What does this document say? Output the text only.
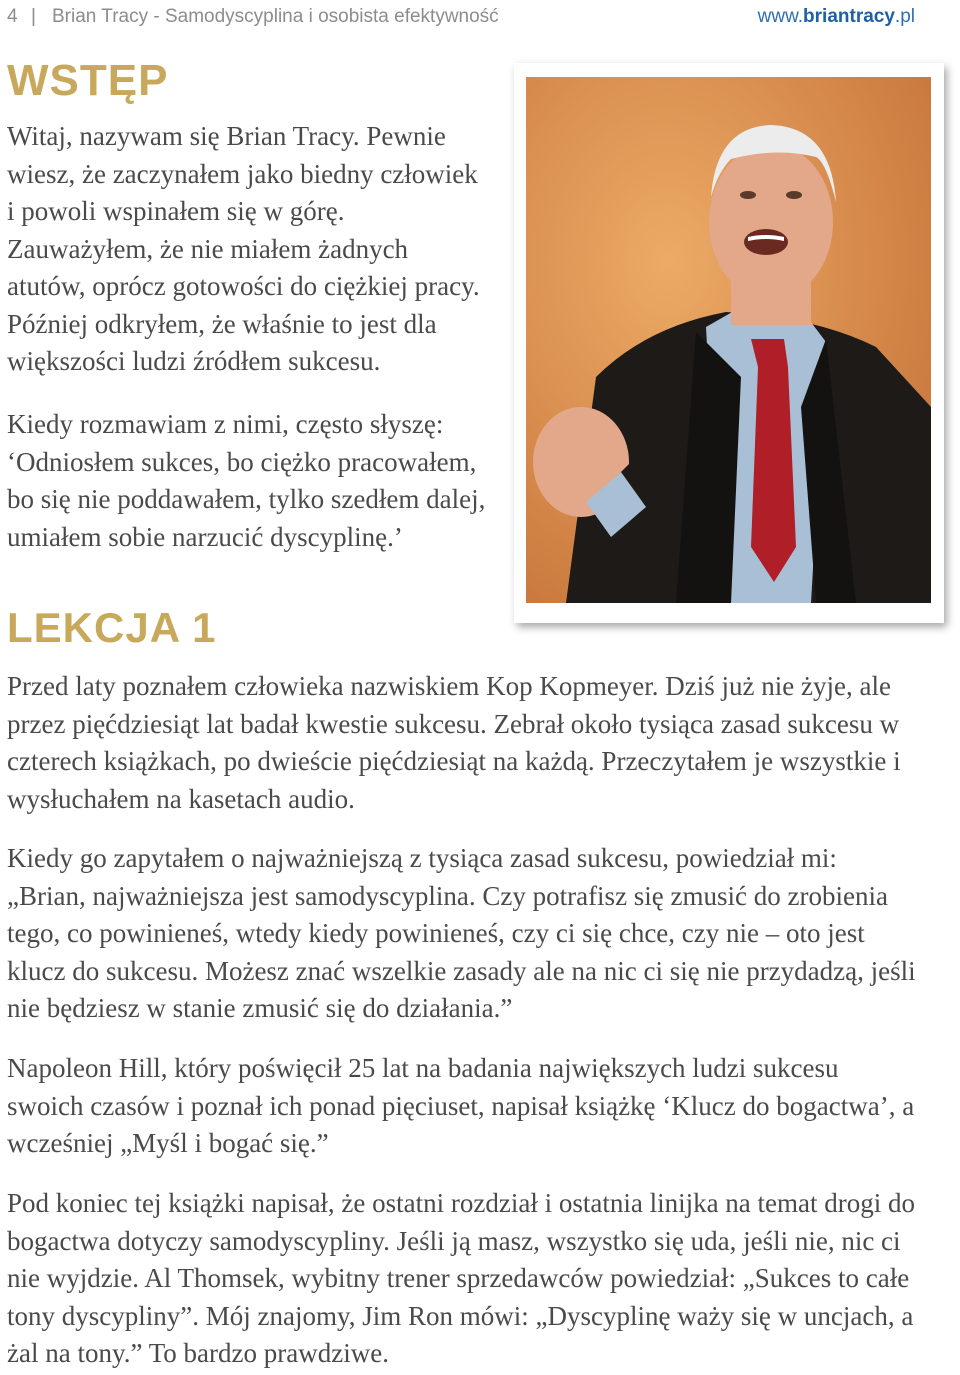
4 | Brian Tracy - Samodyscyplina i osobista efektywność	www.briantracy.pl
WSTĘP

Witaj, nazywam się Brian Tracy. Pewnie wiesz, że zaczynałem jako biedny człowiek i powoli wspinałem się w górę. Zauważyłem, że nie miałem żadnych atutów, oprócz gotowości do ciężkiej pracy. Później odkryłem, że właśnie to jest dla większości ludzi źródłem sukcesu.

Kiedy rozmawiam z nimi, często słyszę: ‘Odniosłem sukces, bo ciężko pracowałem, bo się nie poddawałem, tylko szedłem dalej, umiałem sobie narzucić dyscyplinę.’

LEKCJA 1

Przed laty poznałem człowieka nazwiskiem Kop Kopmeyer. Dziś już nie żyje, ale przez pięćdziesiąt lat badał kwestie sukcesu. Zebrał około tysiąca zasad sukcesu w czterech książkach, po dwieście pięćdziesiąt na każdą. Przeczytałem je wszystkie i wysłuchałem na kasetach audio.

Kiedy go zapytałem o najważniejszą z tysiąca zasad sukcesu, powiedział mi: „Brian, najważniejsza jest samodyscyplina. Czy potrafisz się zmusić do zrobienia tego, co powinieneś, wtedy kiedy powinieneś, czy ci się chce, czy nie – oto jest klucz do sukcesu. Możesz znać wszelkie zasady ale na nic ci się nie przydadzą, jeśli nie będziesz w stanie zmusić się do działania.”

Napoleon Hill, który poświęcił 25 lat na badania największych ludzi sukcesu swoich czasów i poznał ich ponad pięciuset, napisał książkę ‘Klucz do bogactwa’, a wcześniej „Myśl i bogać się.”

Pod koniec tej książki napisał, że ostatni rozdział i ostatnia linijka na temat drogi do bogactwa dotyczy samodyscypliny. Jeśli ją masz, wszystko się uda, jeśli nie, nic ci nie wyjdzie. Al Thomsek, wybitny trener sprzedawców powiedział: „Sukces to całe tony dyscypliny”. Mój znajomy, Jim Ron mówi: „Dyscyplinę waży się w uncjach, a żal na tony.” To bardzo prawdziwe.
